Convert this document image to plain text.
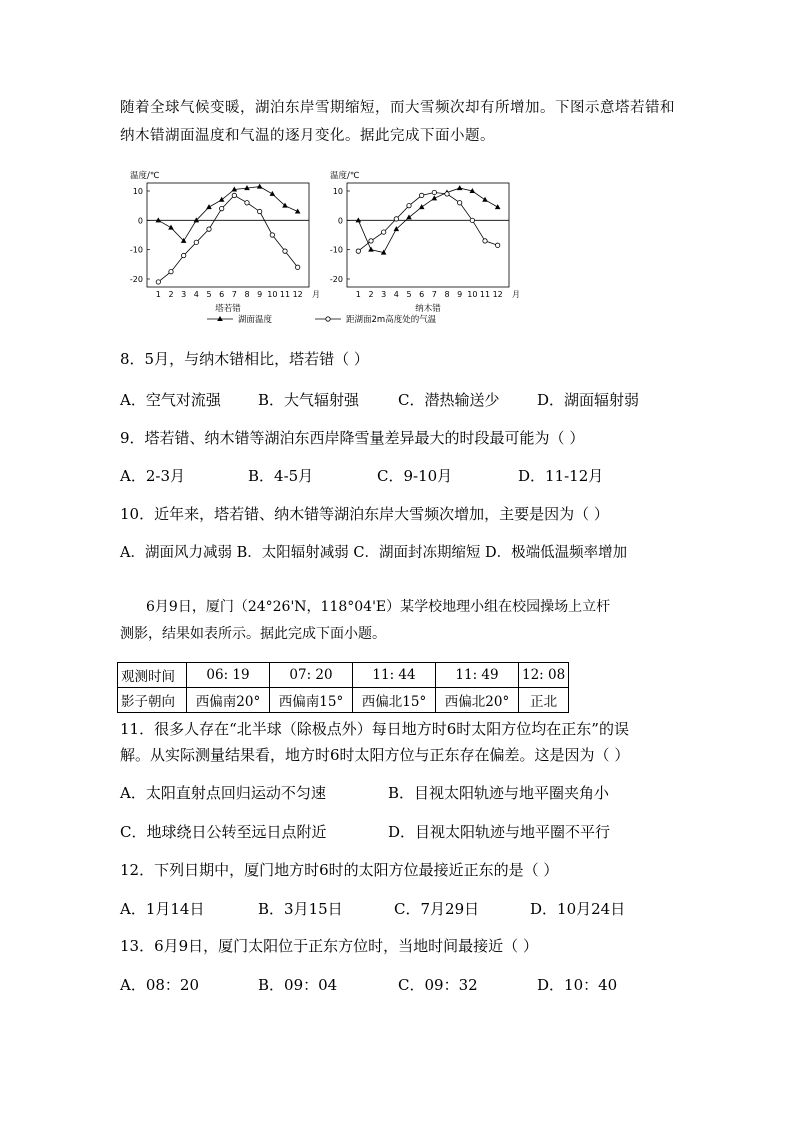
随着全球气候变暖，湖泊东岸雪期缩短，而大雪频次却有所增加。下图示意塔若错和纳木错湖面温度和气温的逐月变化。据此完成下面小题。
温度/℃
10
0
-10
-20
1 2 3 4 5 6 7 8 9 10 11 12 月
塔若错
温度/℃
10
0
-10
-20
1 2 3 4 5 6 7 8 9 10 11 12 月
纳木错
湖面温度	距湖面2m高度处的气温
8．5月，与纳木错相比，塔若错（ ）
A．空气对流强 B．大气辐射强	C．潜热输送少	D．湖面辐射弱
9．塔若错、纳木错等湖泊东西岸降雪量差异最大的时段最可能为（ ）
A．2-3月	B．4-5月	C．9-10月	D．11-12月
10．近年来，塔若错、纳木错等湖泊东岸大雪频次增加，主要是因为（ ）
A．湖面风力减弱 B．太阳辐射减弱 C．湖面封冻期缩短 D．极端低温频率增加
6月9日，厦门（24°26'N，118°04'E）某学校地理小组在校园操场上立杆
测影，结果如表所示。据此完成下面小题。
观测时间	06: 19	07: 20	11: 44	11: 49	12: 08
影子朝向	西偏南20°	西偏南15°	西偏北15°	西偏北20°	正北
11．很多人存在“北半球（除极点外）每日地方时6时太阳方位均在正东”的误
解。从实际测量结果看，地方时6时太阳方位与正东存在偏差。这是因为（ ）
A．太阳直射点回归运动不匀速	B．目视太阳轨迹与地平圈夹角小
C．地球绕日公转至远日点附近	D．目视太阳轨迹与地平圈不平行
12．下列日期中，厦门地方时6时的太阳方位最接近正东的是（ ）
A．1月14日	B．3月15日	C．7月29日	D．10月24日
13．6月9日，厦门太阳位于正东方位时，当地时间最接近（ ）
A．08：20	B．09：04	C．09：32	D．10：40
